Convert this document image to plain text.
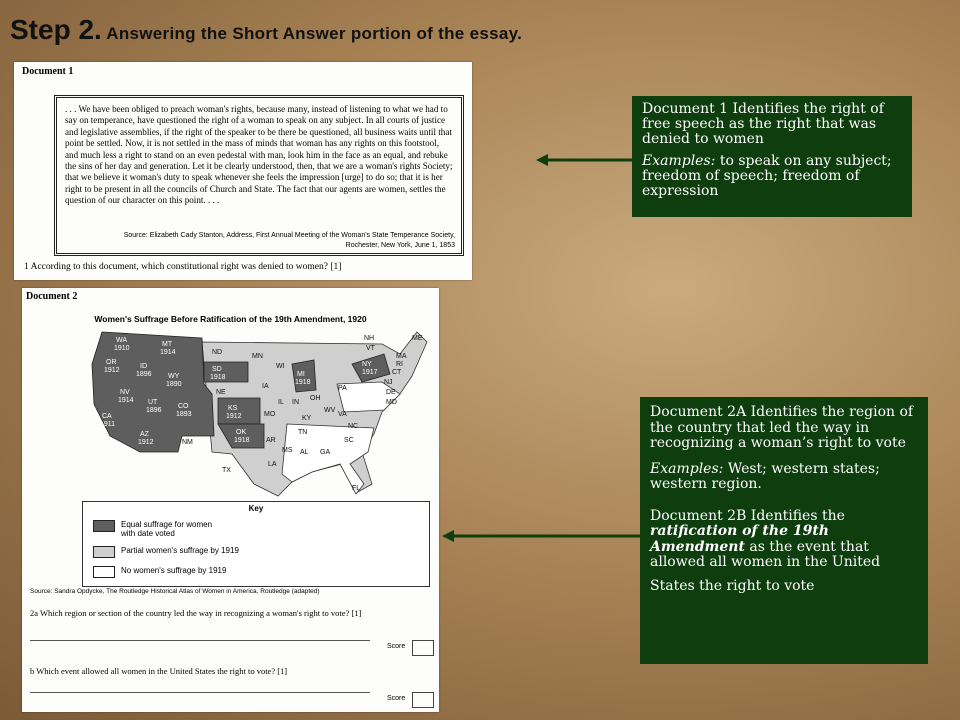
Step 2. Answering the Short Answer portion of the essay.
Document 1

. . . We have been obliged to preach woman's rights, because many, instead of listening to what we had to say on temperance, have questioned the right of a woman to speak on any subject. In all courts of justice and legislative assemblies, if the right of the speaker to be there be questioned, all business waits until that point be settled. Now, it is not settled in the mass of minds that woman has any rights on this footstool, and much less a right to stand on an even pedestal with man, look him in the face as an equal, and rebuke the sins of her day and generation. Let it be clearly understood, then, that we are a woman's rights Society; that we believe it woman's duty to speak whenever she feels the impression [urge] to do so; that it is her right to be present in all the councils of Church and State. The fact that our agents are women, settles the question of our character on this point. . . .

Source: Elizabeth Cady Stanton, Address, First Annual Meeting of the Woman's State Temperance Society,
Rochester, New York, June 1, 1853
1 According to this document, which constitutional right was denied to women? [1]
Document 2
Women's Suffrage Before Ratification of the 19th Amendment, 1920
WA
1910
OR
1912
MT
1914
ID
1896 WY
1890
NV
1914 UT
1896
CO
1893
CA
1911
AZ
1912
KS
1912
OK
1918
SD
1918	MI
1918
NY
1917
ND
MN
WI
NE
IA
IL IN
OH
PA
MO
KY
WV
VA
NC
TN
SC
AR
NM
MS AL GA
LA
TX
FL
NJ
DE
MD
CT
RI
MA
VT
NH	ME
Key
Equal suffrage for women
with date voted
Partial women's suffrage by 1919
No women's suffrage by 1919
Source: Sandra Opdycke, The Routledge Historical Atlas of Women in America, Routledge (adapted)
2a Which region or section of the country led the way in recognizing a woman's right to vote? [1]
Score
b Which event allowed all women in the United States the right to vote? [1]
Score

Document 1 Identifies the right of free speech as the right that was denied to women

Examples: to speak on any subject; freedom of speech; freedom of expression

Document 2A Identifies the region of the country that led the way in recognizing a woman’s right to vote

Examples: West; western states; western region.

Document 2B Identifies the ratification of the 19th Amendment as the event that allowed all women in the United

States the right to vote
